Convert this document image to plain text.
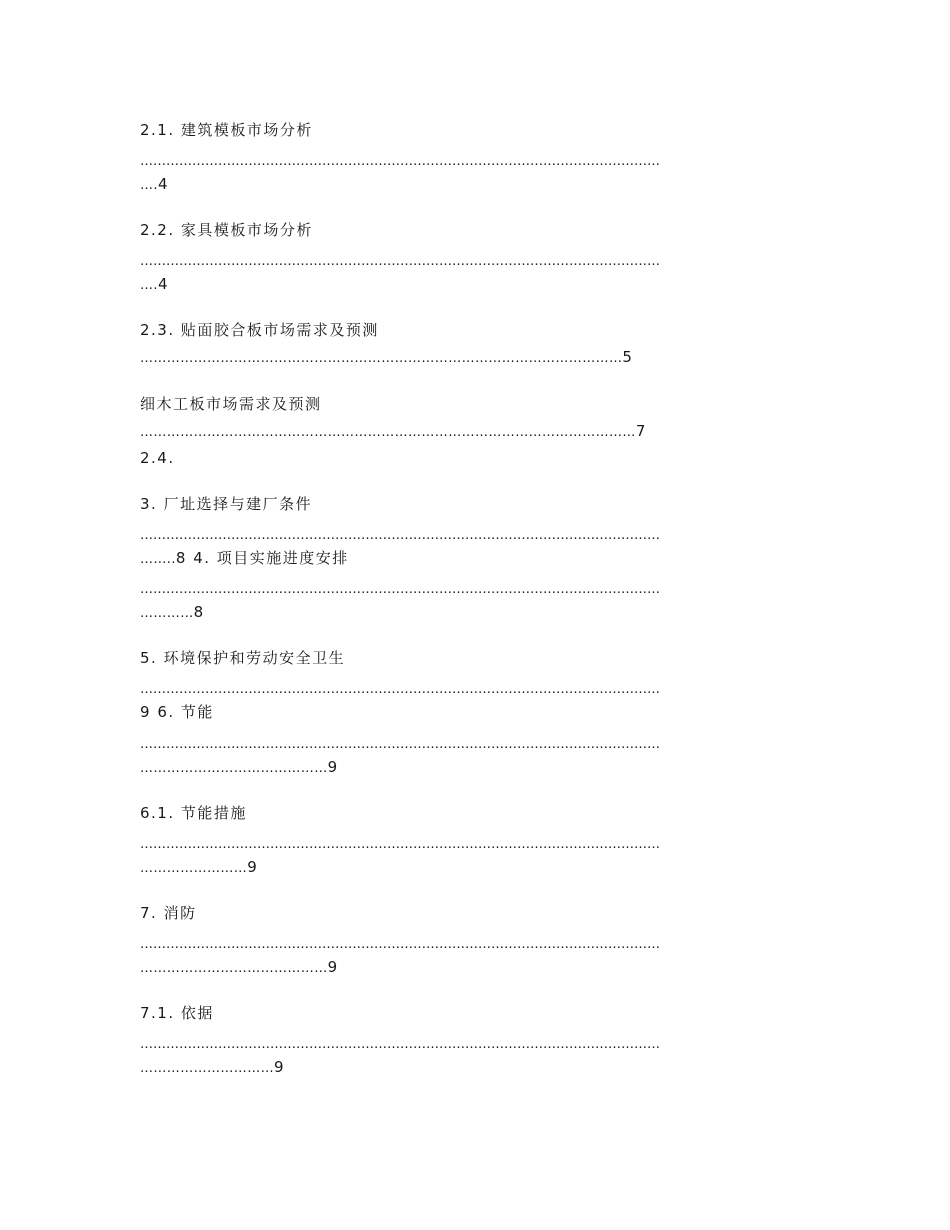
2.1. 建筑模板市场分析
…………………………………………………………………………………………………………
….4
2.2. 家具模板市场分析
…………………………………………………………………………………………………………
….4
2.3. 贴面胶合板市场需求及预测
………………………………………………………………………………………………5
细木工板市场需求及预测
…………………………………………………………………………………………………7
2.4.
3. 厂址选择与建厂条件
…………………………………………………………………………………………………………
……..8 4. 项目实施进度安排
…………………………………………………………………………………………………………
…………8
5. 环境保护和劳动安全卫生
…………………………………………………………………………………………………………
9 6. 节能
…………………………………………………………………………………………………………
……………………………………9
6.1. 节能措施
…………………………………………………………………………………………………………
……………………9
7. 消防
…………………………………………………………………………………………………………
……………………………………9
7.1. 依据
…………………………………………………………………………………………………………
…………………………9
